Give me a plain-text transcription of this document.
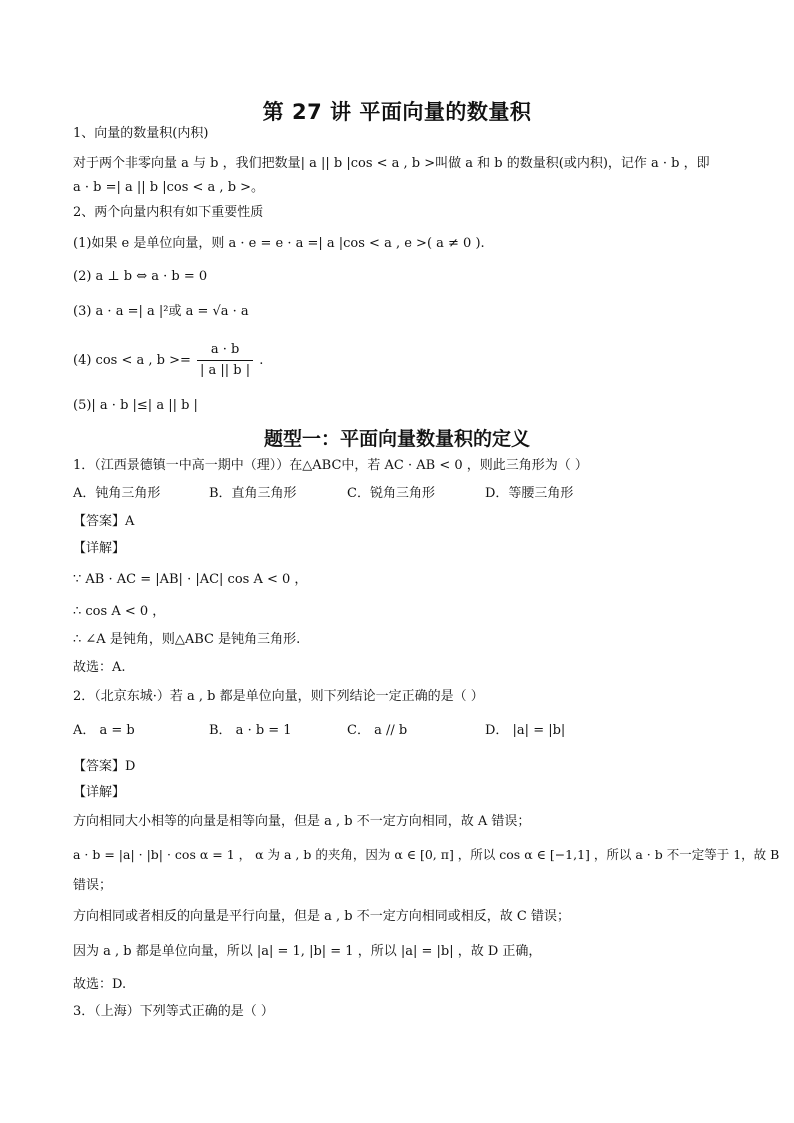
第 27 讲 平面向量的数量积
1、向量的数量积(内积)
对于两个非零向量 a 与 b ，我们把数量| a || b |cos < a , b >叫做 a 和 b 的数量积(或内积)，记作 a · b ，即
a · b =| a || b |cos < a , b >。
2、两个向量内积有如下重要性质
(1)如果 e 是单位向量，则 a · e = e · a =| a |cos < a , e >( a ≠ 0 ).
(2) a ⊥ b ⇔ a · b = 0
(3) a · a =| a |²或 a = √a · a
(4) cos < a , $b >= \frac{a \cdot b}{| a || b |}$ .
(5)| a · b |≤| a || b |
题型一：平面向量数量积的定义
1．（江西景德镇一中高一期中（理））在△ABC中，若 AC · AB < 0 ，则此三角形为（ ）
A．钝角三角形	B．直角三角形	C．锐角三角形	D．等腰三角形
【答案】A
【详解】
∵ AB · AC = |AB| · |AC| cos A < 0 ，
∴ cos A < 0 ，
∴ ∠A 是钝角，则△ABC 是钝角三角形.
故选：A.
2．（北京东城·）若 a , b 都是单位向量，则下列结论一定正确的是（ ）
A． a = b	B． a · b = 1	C． a // b	D． |a| = |b|
【答案】D
【详解】
方向相同大小相等的向量是相等向量，但是 a , b 不一定方向相同，故 A 错误；
a · b = |a| · |b| · cos α = 1 ， α 为 a , b 的夹角，因为 α ∈ [0, π] ，所以 cos α ∈ [−1,1] ，所以 a · b 不一定等于 1，故 B
错误；
方向相同或者相反的向量是平行向量，但是 a , b 不一定方向相同或相反，故 C 错误；
因为 a , b 都是单位向量，所以 |a| = 1, |b| = 1 ，所以 |a| = |b| ，故 D 正确，
故选：D.
3．（上海）下列等式正确的是（ ）
